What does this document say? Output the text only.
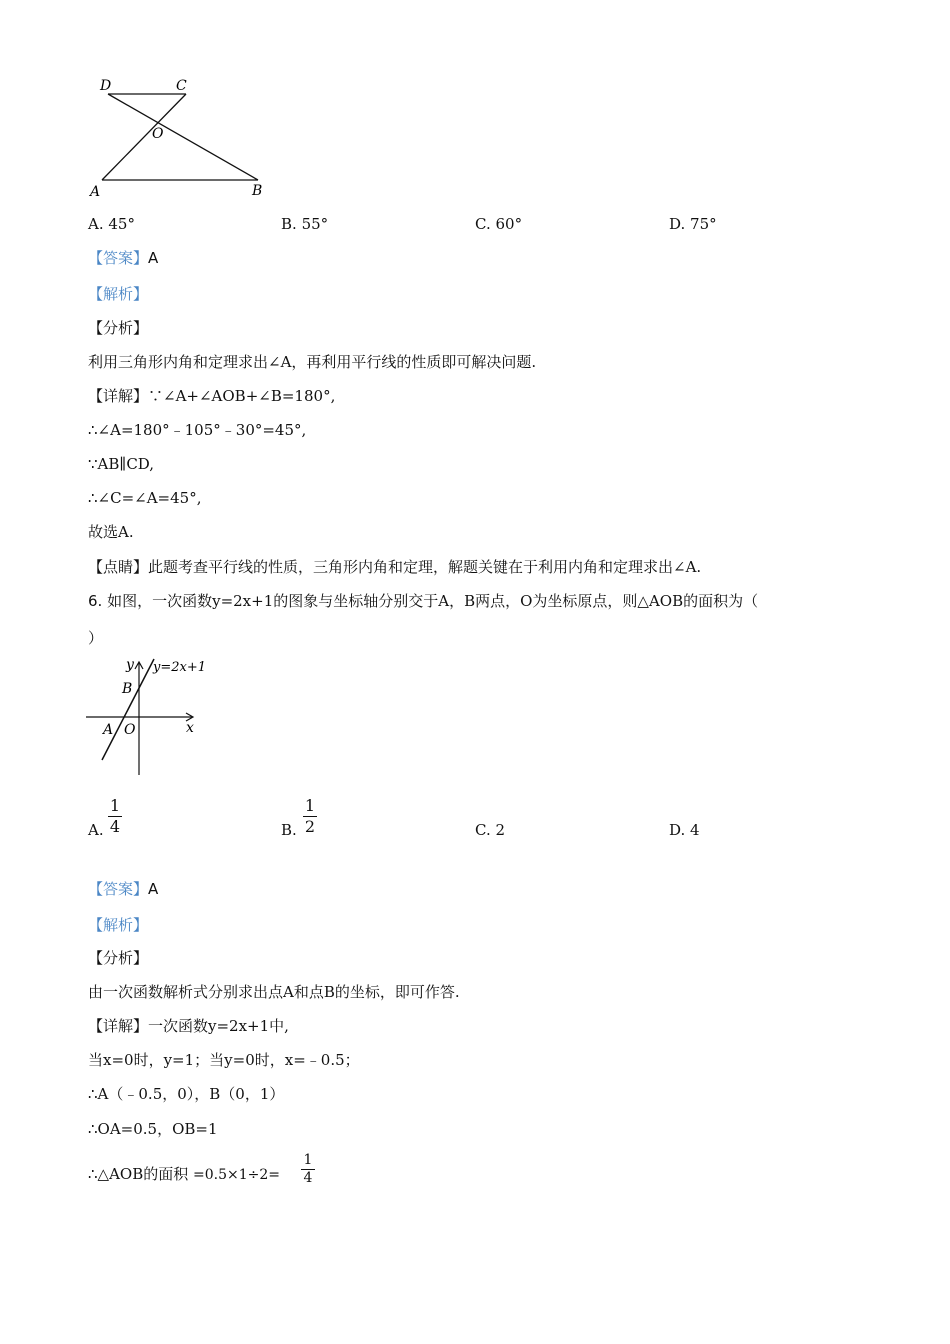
D	C
O
A	B
A. 45°	B. 55°	C. 60°	D. 75°
【答案】A
【解析】
【分析】
利用三角形内角和定理求出∠A，再利用平行线的性质即可解决问题.
【详解】∵∠A+∠AOB+∠B=180°,
∴∠A=180°﹣105°﹣30°=45°,
∵AB∥CD,
∴∠C=∠A=45°,
故选A.
【点睛】此题考查平行线的性质，三角形内角和定理，解题关键在于利用内角和定理求出∠A.
6. 如图，一次函数y=2x+1的图象与坐标轴分别交于A，B两点，O为坐标原点，则△AOB的面积为（
）
y y=2x+1
B
A O	x
A.
1
4	B.
1
2	C. 2	D. 4
【答案】A
【解析】
【分析】
由一次函数解析式分别求出点A和点B的坐标，即可作答.
【详解】一次函数y=2x+1中,
当x=0时，y=1；当y=0时，x=﹣0.5；
∴A（﹣0.5，0），B（0，1）
∴OA=0.5，OB=1
∴△AOB的面积 =0.5×1÷2=
1
4
